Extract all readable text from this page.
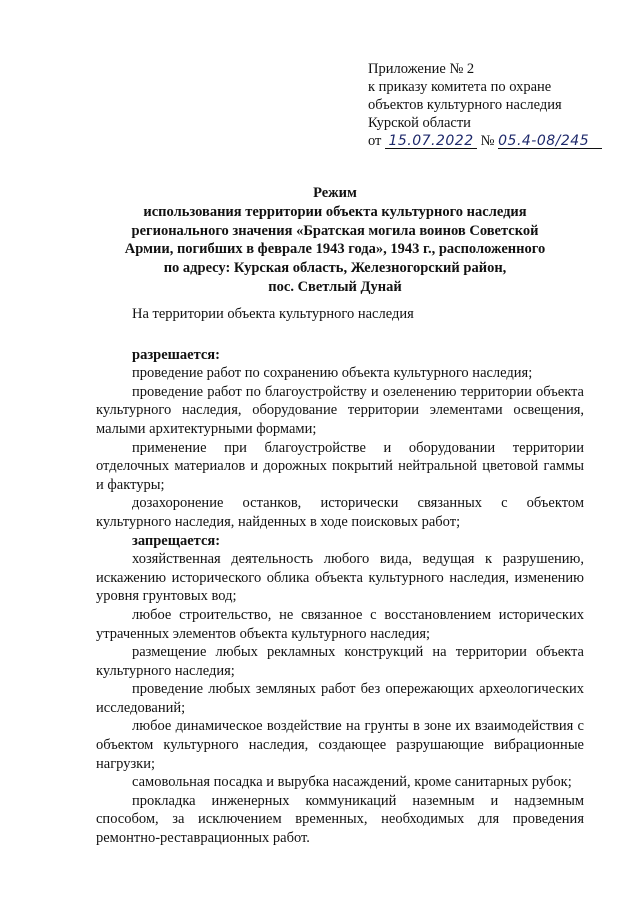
Приложение № 2
к приказу комитета по охране
объектов культурного наследия
Курской области
от 15.07.2022 № 05.4-08/245
Режим
использования территории объекта культурного наследия
регионального значения «Братская могила воинов Советской
Армии, погибших в феврале 1943 года», 1943 г., расположенного
по адресу: Курская область, Железногорский район,
пос. Светлый Дунай

На территории объекта культурного наследия

разрешается:

проведение работ по сохранению объекта культурного наследия;

проведение работ по благоустройству и озеленению территории объекта культурного наследия, оборудование территории элементами освещения, малыми архитектурными формами;

применение при благоустройстве и оборудовании территории отделочных материалов и дорожных покрытий нейтральной цветовой гаммы и фактуры;

дозахоронение останков, исторически связанных с объектом культурного наследия, найденных в ходе поисковых работ;

запрещается:

хозяйственная деятельность любого вида, ведущая к разрушению, искажению исторического облика объекта культурного наследия, изменению уровня грунтовых вод;

любое строительство, не связанное с восстановлением исторических утраченных элементов объекта культурного наследия;

размещение любых рекламных конструкций на территории объекта культурного наследия;

проведение любых земляных работ без опережающих археологических исследований;

любое динамическое воздействие на грунты в зоне их взаимодействия с объектом культурного наследия, создающее разрушающие вибрационные нагрузки;

самовольная посадка и вырубка насаждений, кроме санитарных рубок;

прокладка инженерных коммуникаций наземным и надземным способом, за исключением временных, необходимых для проведения ремонтно-реставрационных работ.
